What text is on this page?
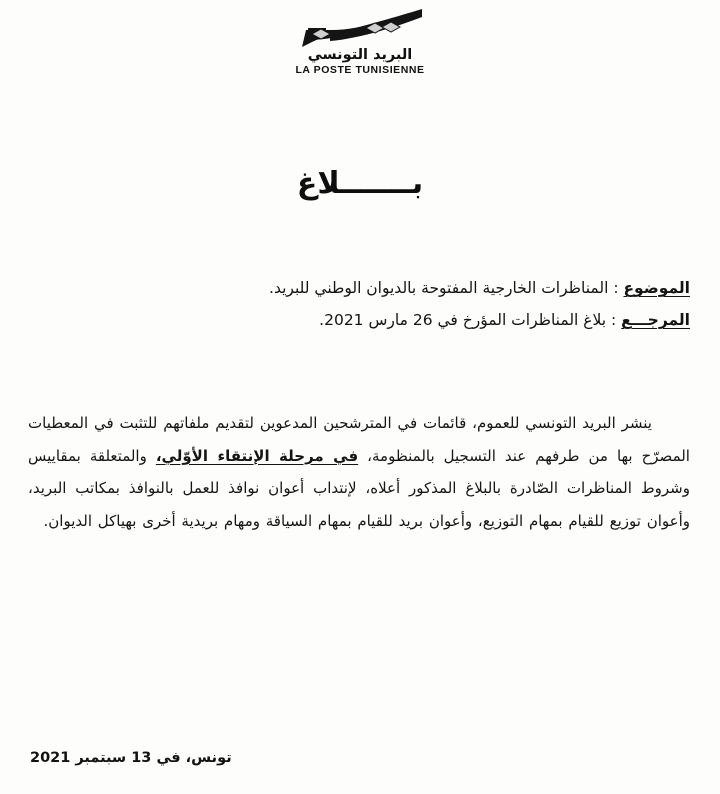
البريد التونسي
LA POSTE TUNISIENNE
بـــــــلاغ
الموضوع : المناظرات الخارجية المفتوحة بالديوان الوطني للبريد.
المرجـــع : بلاغ المناظرات المؤرخ في 26 مارس 2021.

ينشر البريد التونسي للعموم، قائمات في المترشحين المدعوين لتقديم ملفاتهم للتثبت في المعطيات المصرّح بها من طرفهم عند التسجيل بالمنظومة، في مرحلة الإنتقاء الأوّلي، والمتعلقة بمقاييس وشروط المناظرات الصّادرة بالبلاغ المذكور أعلاه، لإنتداب أعوان نوافذ للعمل بالنوافذ بمكاتب البريد، وأعوان توزيع للقيام بمهام التوزيع، وأعوان بريد للقيام بمهام السياقة ومهام بريدية أخرى بهياكل الديوان.

تونس، في 13 سبتمبر 2021
